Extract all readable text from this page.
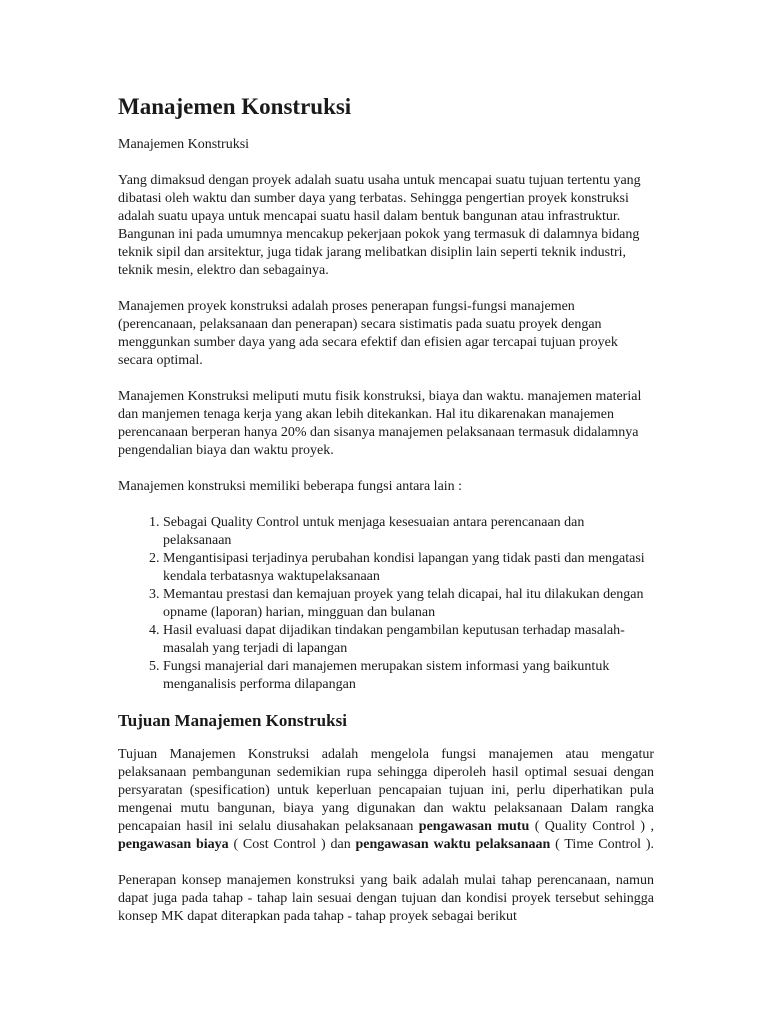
Manajemen Konstruksi

Manajemen Konstruksi

Yang dimaksud dengan proyek adalah suatu usaha untuk mencapai suatu tujuan tertentu yang dibatasi oleh waktu dan sumber daya yang terbatas. Sehingga pengertian proyek konstruksi adalah suatu upaya untuk mencapai suatu hasil dalam bentuk bangunan atau infrastruktur. Bangunan ini pada umumnya mencakup pekerjaan pokok yang termasuk di dalamnya bidang teknik sipil dan arsitektur, juga tidak jarang melibatkan disiplin lain seperti teknik industri, teknik mesin, elektro dan sebagainya.

Manajemen proyek konstruksi adalah proses penerapan fungsi-fungsi manajemen (perencanaan, pelaksanaan dan penerapan) secara sistimatis pada suatu proyek dengan menggunkan sumber daya yang ada secara efektif dan efisien agar tercapai tujuan proyek secara optimal.

Manajemen Konstruksi meliputi mutu fisik konstruksi, biaya dan waktu. manajemen material dan manjemen tenaga kerja yang akan lebih ditekankan. Hal itu dikarenakan manajemen perencanaan berperan hanya 20% dan sisanya manajemen pelaksanaan termasuk didalamnya pengendalian biaya dan waktu proyek.

Manajemen konstruksi memiliki beberapa fungsi antara lain :

1. Sebagai Quality Control untuk menjaga kesesuaian antara perencanaan dan pelaksanaan
2. Mengantisipasi terjadinya perubahan kondisi lapangan yang tidak pasti dan mengatasi kendala terbatasnya waktupelaksanaan
3. Memantau prestasi dan kemajuan proyek yang telah dicapai, hal itu dilakukan dengan opname (laporan) harian, mingguan dan bulanan
4. Hasil evaluasi dapat dijadikan tindakan pengambilan keputusan terhadap masalah-masalah yang terjadi di lapangan
5. Fungsi manajerial dari manajemen merupakan sistem informasi yang baikuntuk menganalisis performa dilapangan
Tujuan Manajemen Konstruksi

Tujuan Manajemen Konstruksi adalah mengelola fungsi manajemen atau mengatur pelaksanaan pembangunan sedemikian rupa sehingga diperoleh hasil optimal sesuai dengan persyaratan (spesification) untuk keperluan pencapaian tujuan ini, perlu diperhatikan pula mengenai mutu bangunan, biaya yang digunakan dan waktu pelaksanaan Dalam rangka pencapaian hasil ini selalu diusahakan pelaksanaan pengawasan mutu ( Quality Control ) , pengawasan biaya ( Cost Control ) dan pengawasan waktu pelaksanaan ( Time Control ).

Penerapan konsep manajemen konstruksi yang baik adalah mulai tahap perencanaan, namun dapat juga pada tahap - tahap lain sesuai dengan tujuan dan kondisi proyek tersebut sehingga konsep MK dapat diterapkan pada tahap - tahap proyek sebagai berikut
